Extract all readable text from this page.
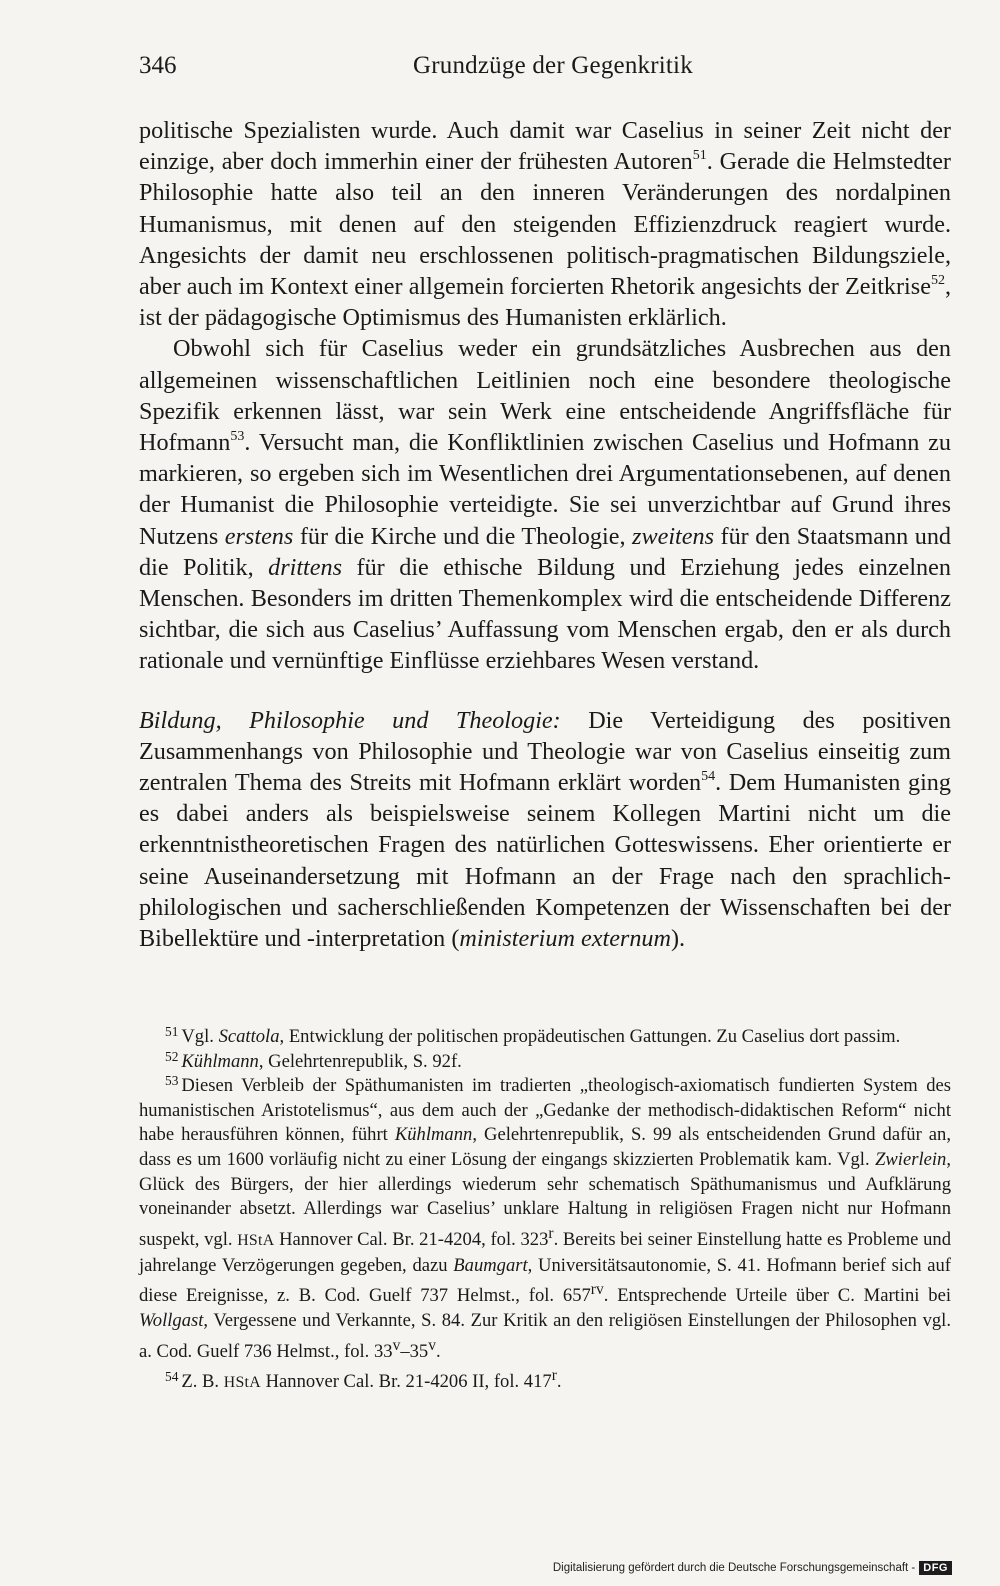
346	Grundzüge der Gegenkritik

politische Spezialisten wurde. Auch damit war Caselius in seiner Zeit nicht der einzige, aber doch immerhin einer der frühesten Autoren$^{51}$. Gerade die Helmstedter Philosophie hatte also teil an den inneren Veränderungen des nordalpinen Humanismus, mit denen auf den steigenden Effizienzdruck reagiert wurde. Angesichts der damit neu erschlossenen politisch-pragmatischen Bildungsziele, aber auch im Kontext einer allgemein forcierten Rhetorik angesichts der Zeitkrise$^{52}$, ist der pädagogische Optimismus des Humanisten erklärlich.

Obwohl sich für Caselius weder ein grundsätzliches Ausbrechen aus den allgemeinen wissenschaftlichen Leitlinien noch eine besondere theologische Spezifik erkennen lässt, war sein Werk eine entscheidende Angriffsfläche für Hofmann$^{53}$. Versucht man, die Konfliktlinien zwischen Caselius und Hofmann zu markieren, so ergeben sich im Wesentlichen drei Argumentationsebenen, auf denen der Humanist die Philosophie verteidigte. Sie sei unverzichtbar auf Grund ihres Nutzens erstens für die Kirche und die Theologie, zweitens für den Staatsmann und die Politik, drittens für die ethische Bildung und Erziehung jedes einzelnen Menschen. Besonders im dritten Themenkomplex wird die entscheidende Differenz sichtbar, die sich aus Caselius’ Auffassung vom Menschen ergab, den er als durch rationale und vernünftige Einflüsse erziehbares Wesen verstand.

Bildung, Philosophie und Theologie: Die Verteidigung des positiven Zusammenhangs von Philosophie und Theologie war von Caselius einseitig zum zentralen Thema des Streits mit Hofmann erklärt worden$^{54}$. Dem Humanisten ging es dabei anders als beispielsweise seinem Kollegen Martini nicht um die erkenntnistheoretischen Fragen des natürlichen Gotteswissens. Eher orientierte er seine Auseinandersetzung mit Hofmann an der Frage nach den sprachlich-philologischen und sacherschließenden Kompetenzen der Wissenschaften bei der Bibellektüre und -interpretation (ministerium externum).

$^{51}$ Vgl. Scattola, Entwicklung der politischen propädeutischen Gattungen. Zu Caselius dort passim.

$^{52}$ Kühlmann, Gelehrtenrepublik, S. 92f.

$^{53}$ Diesen Verbleib der Späthumanisten im tradierten „theologisch-axiomatisch fundierten System des humanistischen Aristotelismus“, aus dem auch der „Gedanke der methodisch-didaktischen Reform“ nicht habe herausführen können, führt Kühlmann, Gelehrtenrepublik, S. 99 als entscheidenden Grund dafür an, dass es um 1600 vorläufig nicht zu einer Lösung der eingangs skizzierten Problematik kam. Vgl. Zwierlein, Glück des Bürgers, der hier allerdings wiederum sehr schematisch Späthumanismus und Aufklärung voneinander absetzt. Allerdings war Caselius’ unklare Haltung in religiösen Fragen nicht nur Hofmann suspekt, vgl. HStA Hannover Cal. Br. 21-4204, fol. 323$^r$. Bereits bei seiner Einstellung hatte es Probleme und jahrelange Verzögerungen gegeben, dazu Baumgart, Universitätsautonomie, S. 41. Hofmann berief sich auf diese Ereignisse, z. B. Cod. Guelf 737 Helmst., fol. $657^{rv}$. Entsprechende Urteile über C. Martini bei Wollgast, Vergessene und Verkannte, S. 84. Zur Kritik an den religiösen Einstellungen der Philosophen vgl. a. Cod. Guelf 736 Helmst., fol. 33$^v$–35$^v$.

$^{54}$ Z. B. HStA Hannover Cal. Br. 21-4206 II, fol. 417$^r$.

Digitalisierung gefördert durch die Deutsche Forschungsgemeinschaft - DFG
